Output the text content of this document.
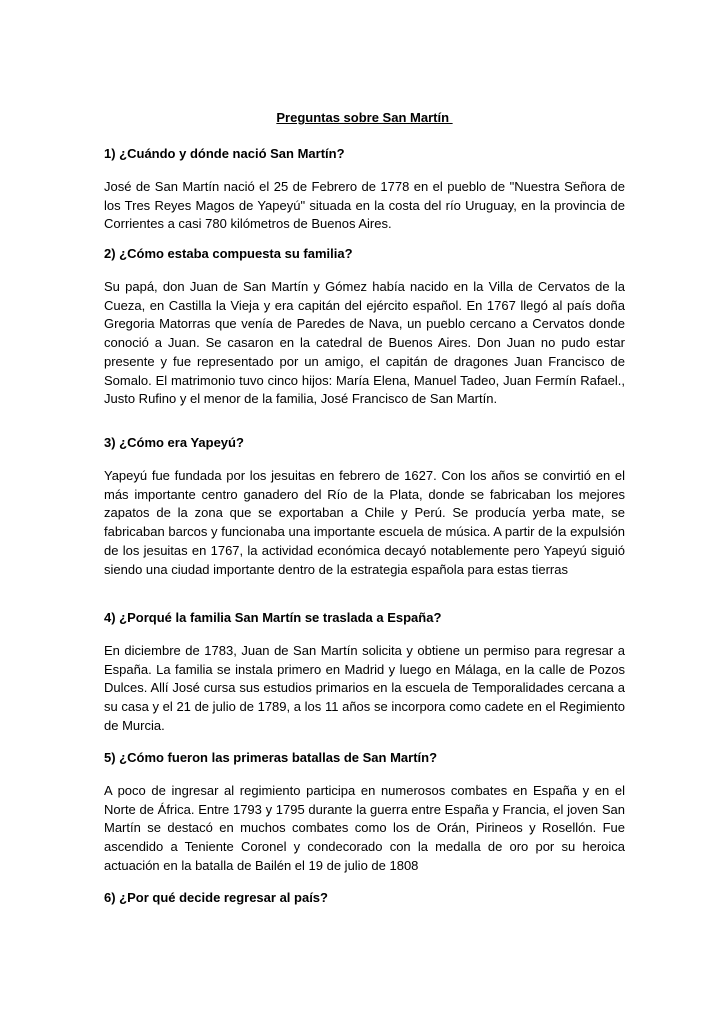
Preguntas sobre San Martín

1) ¿Cuándo y dónde nació San Martín?

José de San Martín nació el 25 de Febrero de 1778 en el pueblo de "Nuestra Señora de los Tres Reyes Magos de Yapeyú" situada en la costa del río Uruguay, en la provincia de Corrientes a casi 780 kilómetros de Buenos Aires.

2) ¿Cómo estaba compuesta su familia?

Su papá, don Juan de San Martín y Gómez había nacido en la Villa de Cervatos de la Cueza, en Castilla la Vieja y era capitán del ejército español. En 1767 llegó al país doña Gregoria Matorras que venía de Paredes de Nava, un pueblo cercano a Cervatos donde conoció a Juan. Se casaron en la catedral de Buenos Aires. Don Juan no pudo estar presente y fue representado por un amigo, el capitán de dragones Juan Francisco de Somalo. El matrimonio tuvo cinco hijos: María Elena, Manuel Tadeo, Juan Fermín Rafael., Justo Rufino y el menor de la familia, José Francisco de San Martín.

3) ¿Cómo era Yapeyú?

Yapeyú fue fundada por los jesuitas en febrero de 1627. Con los años se convirtió en el más importante centro ganadero del Río de la Plata, donde se fabricaban los mejores zapatos de la zona que se exportaban a Chile y Perú. Se producía yerba mate, se fabricaban barcos y funcionaba una importante escuela de música. A partir de la expulsión de los jesuitas en 1767, la actividad económica decayó notablemente pero Yapeyú siguió siendo una ciudad importante dentro de la estrategia española para estas tierras

4) ¿Porqué la familia San Martín se traslada a España?

En diciembre de 1783, Juan de San Martín solicita y obtiene un permiso para regresar a España. La familia se instala primero en Madrid y luego en Málaga, en la calle de Pozos Dulces. Allí José cursa sus estudios primarios en la escuela de Temporalidades cercana a su casa y el 21 de julio de 1789, a los 11 años se incorpora como cadete en el Regimiento de Murcia.

5) ¿Cómo fueron las primeras batallas de San Martín?

A poco de ingresar al regimiento participa en numerosos combates en España y en el Norte de África. Entre 1793 y 1795 durante la guerra entre España y Francia, el joven San Martín se destacó en muchos combates como los de Orán, Pirineos y Rosellón. Fue ascendido a Teniente Coronel y condecorado con la medalla de oro por su heroica actuación en la batalla de Bailén el 19 de julio de 1808

6) ¿Por qué decide regresar al país?
